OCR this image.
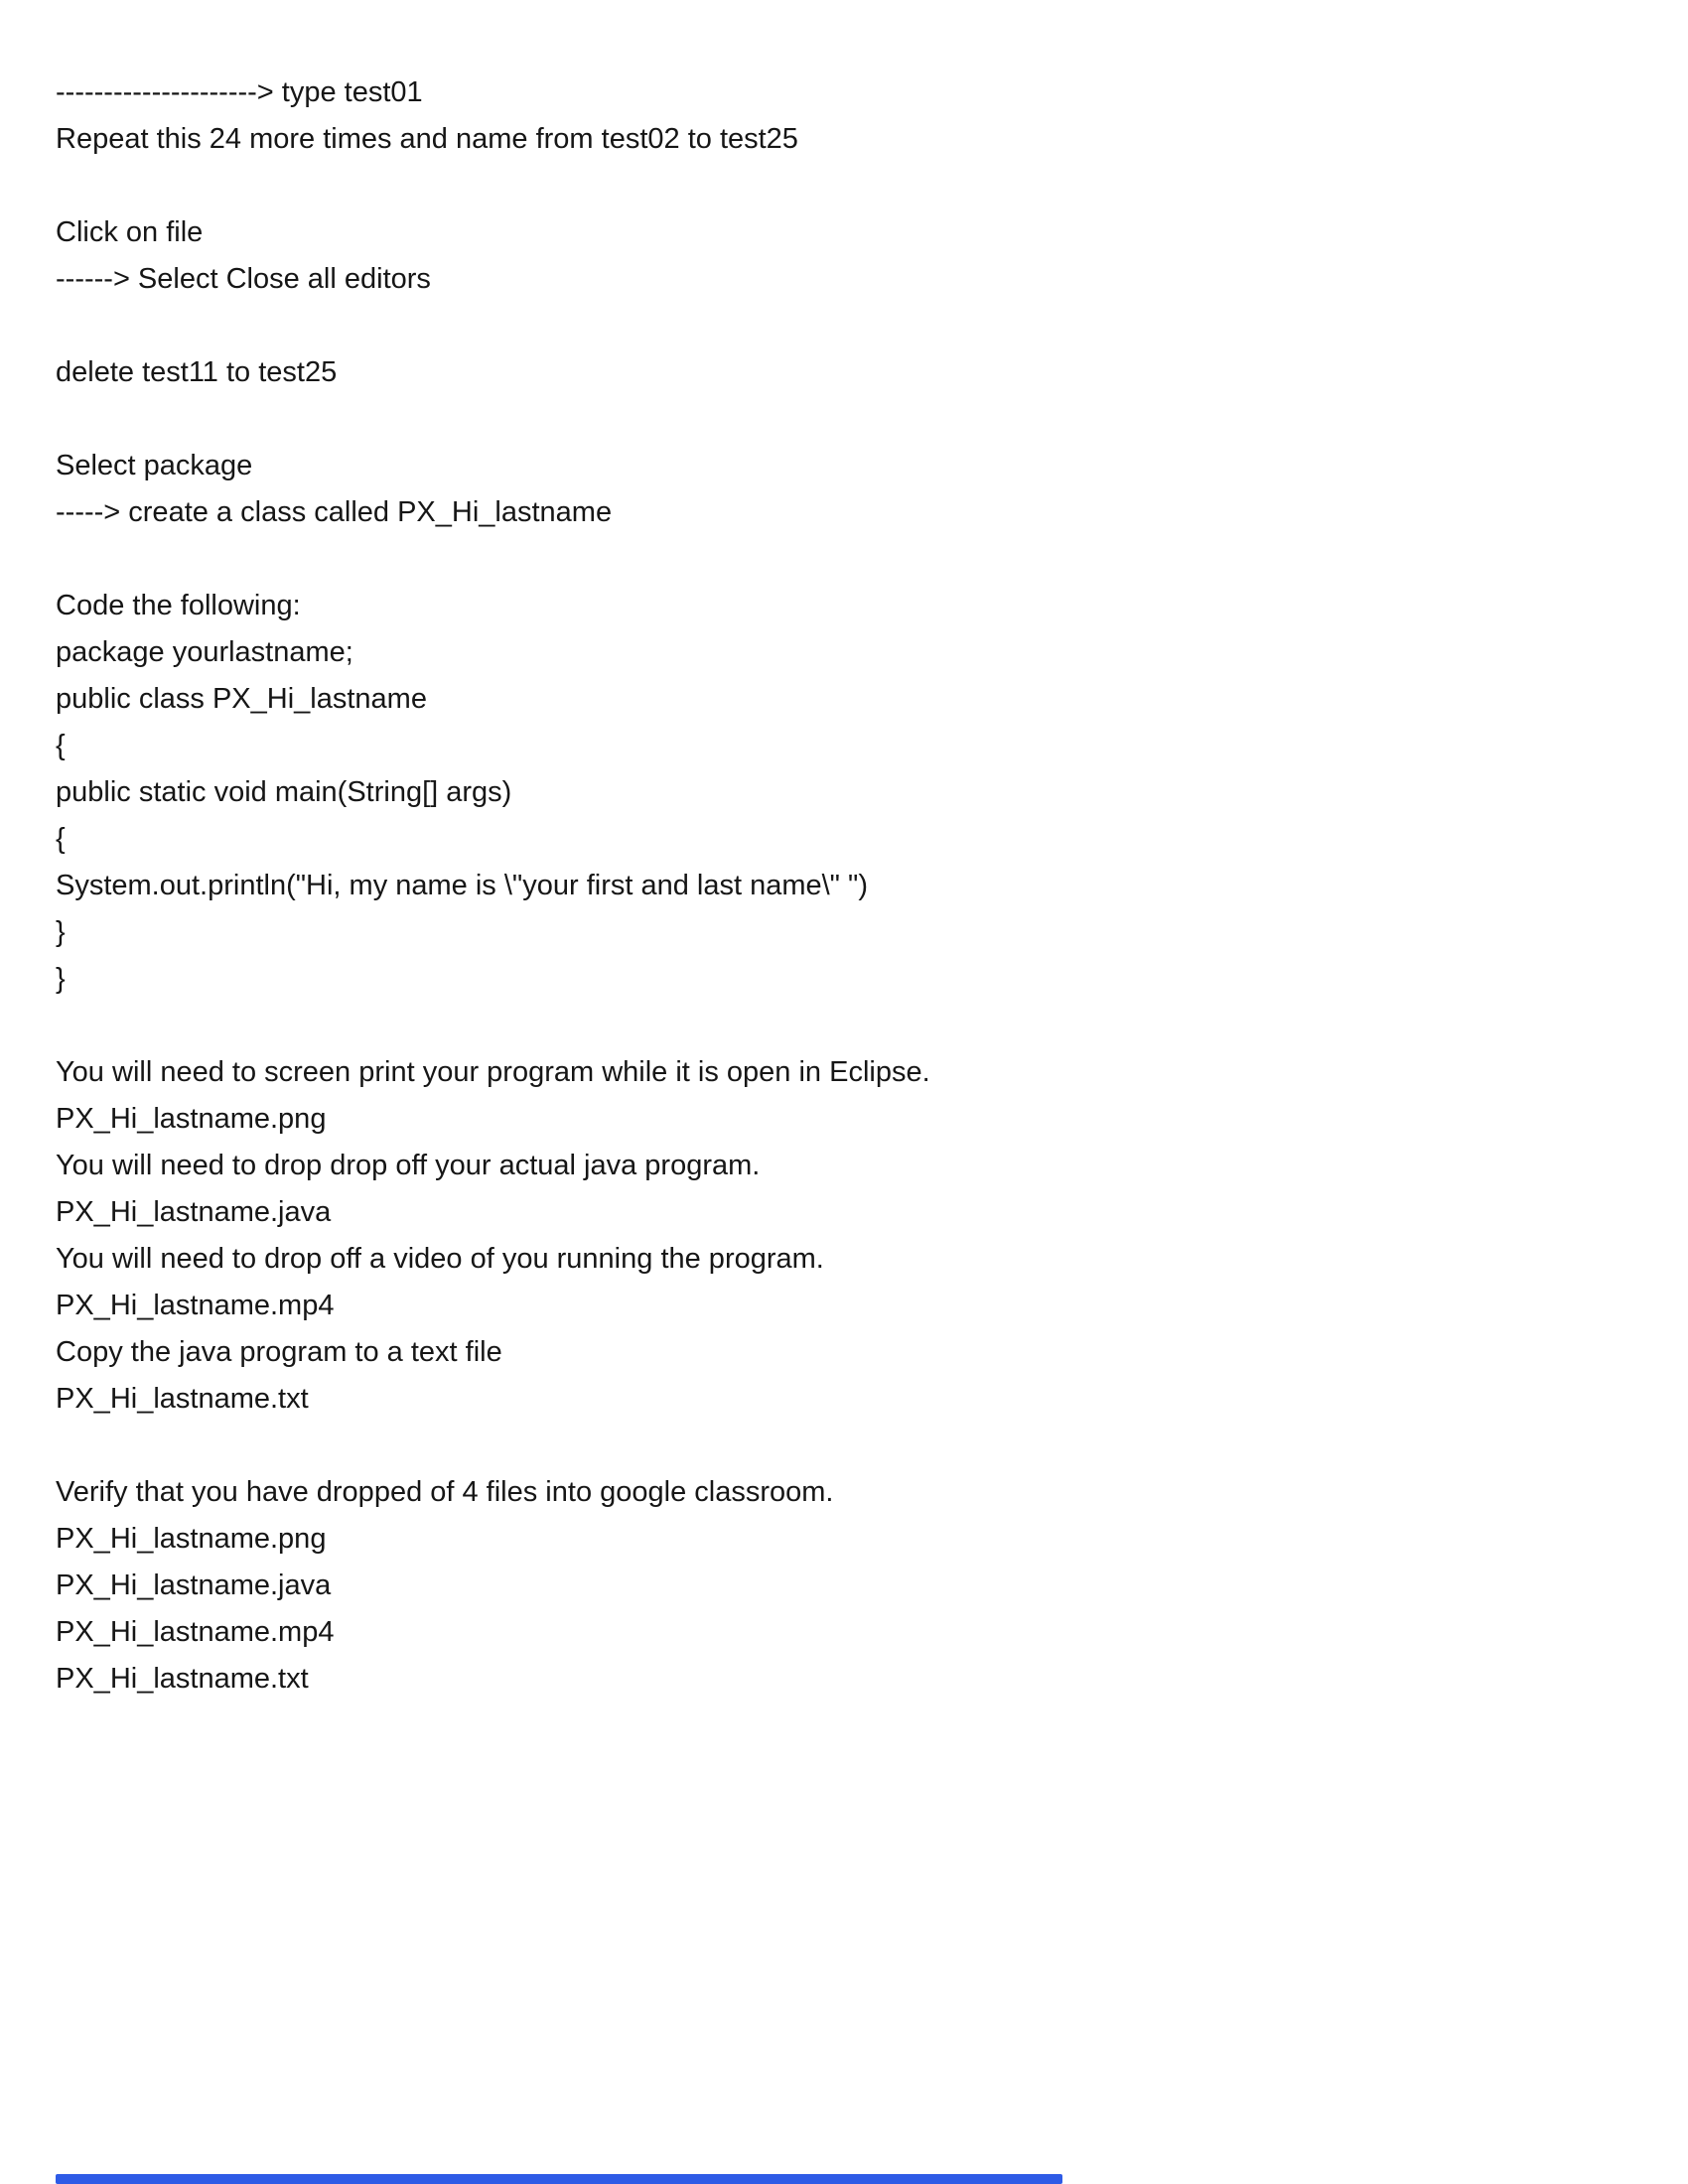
---------------------> type test01

Repeat this 24 more times and name from test02 to test25

Click on file

------> Select Close all editors

delete test11 to test25

Select package

-----> create a class called PX_Hi_lastname

Code the following:

package yourlastname;

public class PX_Hi_lastname

{

public static void main(String[] args)

{

System.out.println("Hi, my name is \"your first and last name\" ")

}

}

You will need to screen print your program while it is open in Eclipse.

PX_Hi_lastname.png

You will need to drop drop off your actual java program.

PX_Hi_lastname.java

You will need to drop off a video of you running the program.

PX_Hi_lastname.mp4

Copy the java program to a text file

PX_Hi_lastname.txt

Verify that you have dropped of 4 files into google classroom.

PX_Hi_lastname.png

PX_Hi_lastname.java

PX_Hi_lastname.mp4

PX_Hi_lastname.txt
